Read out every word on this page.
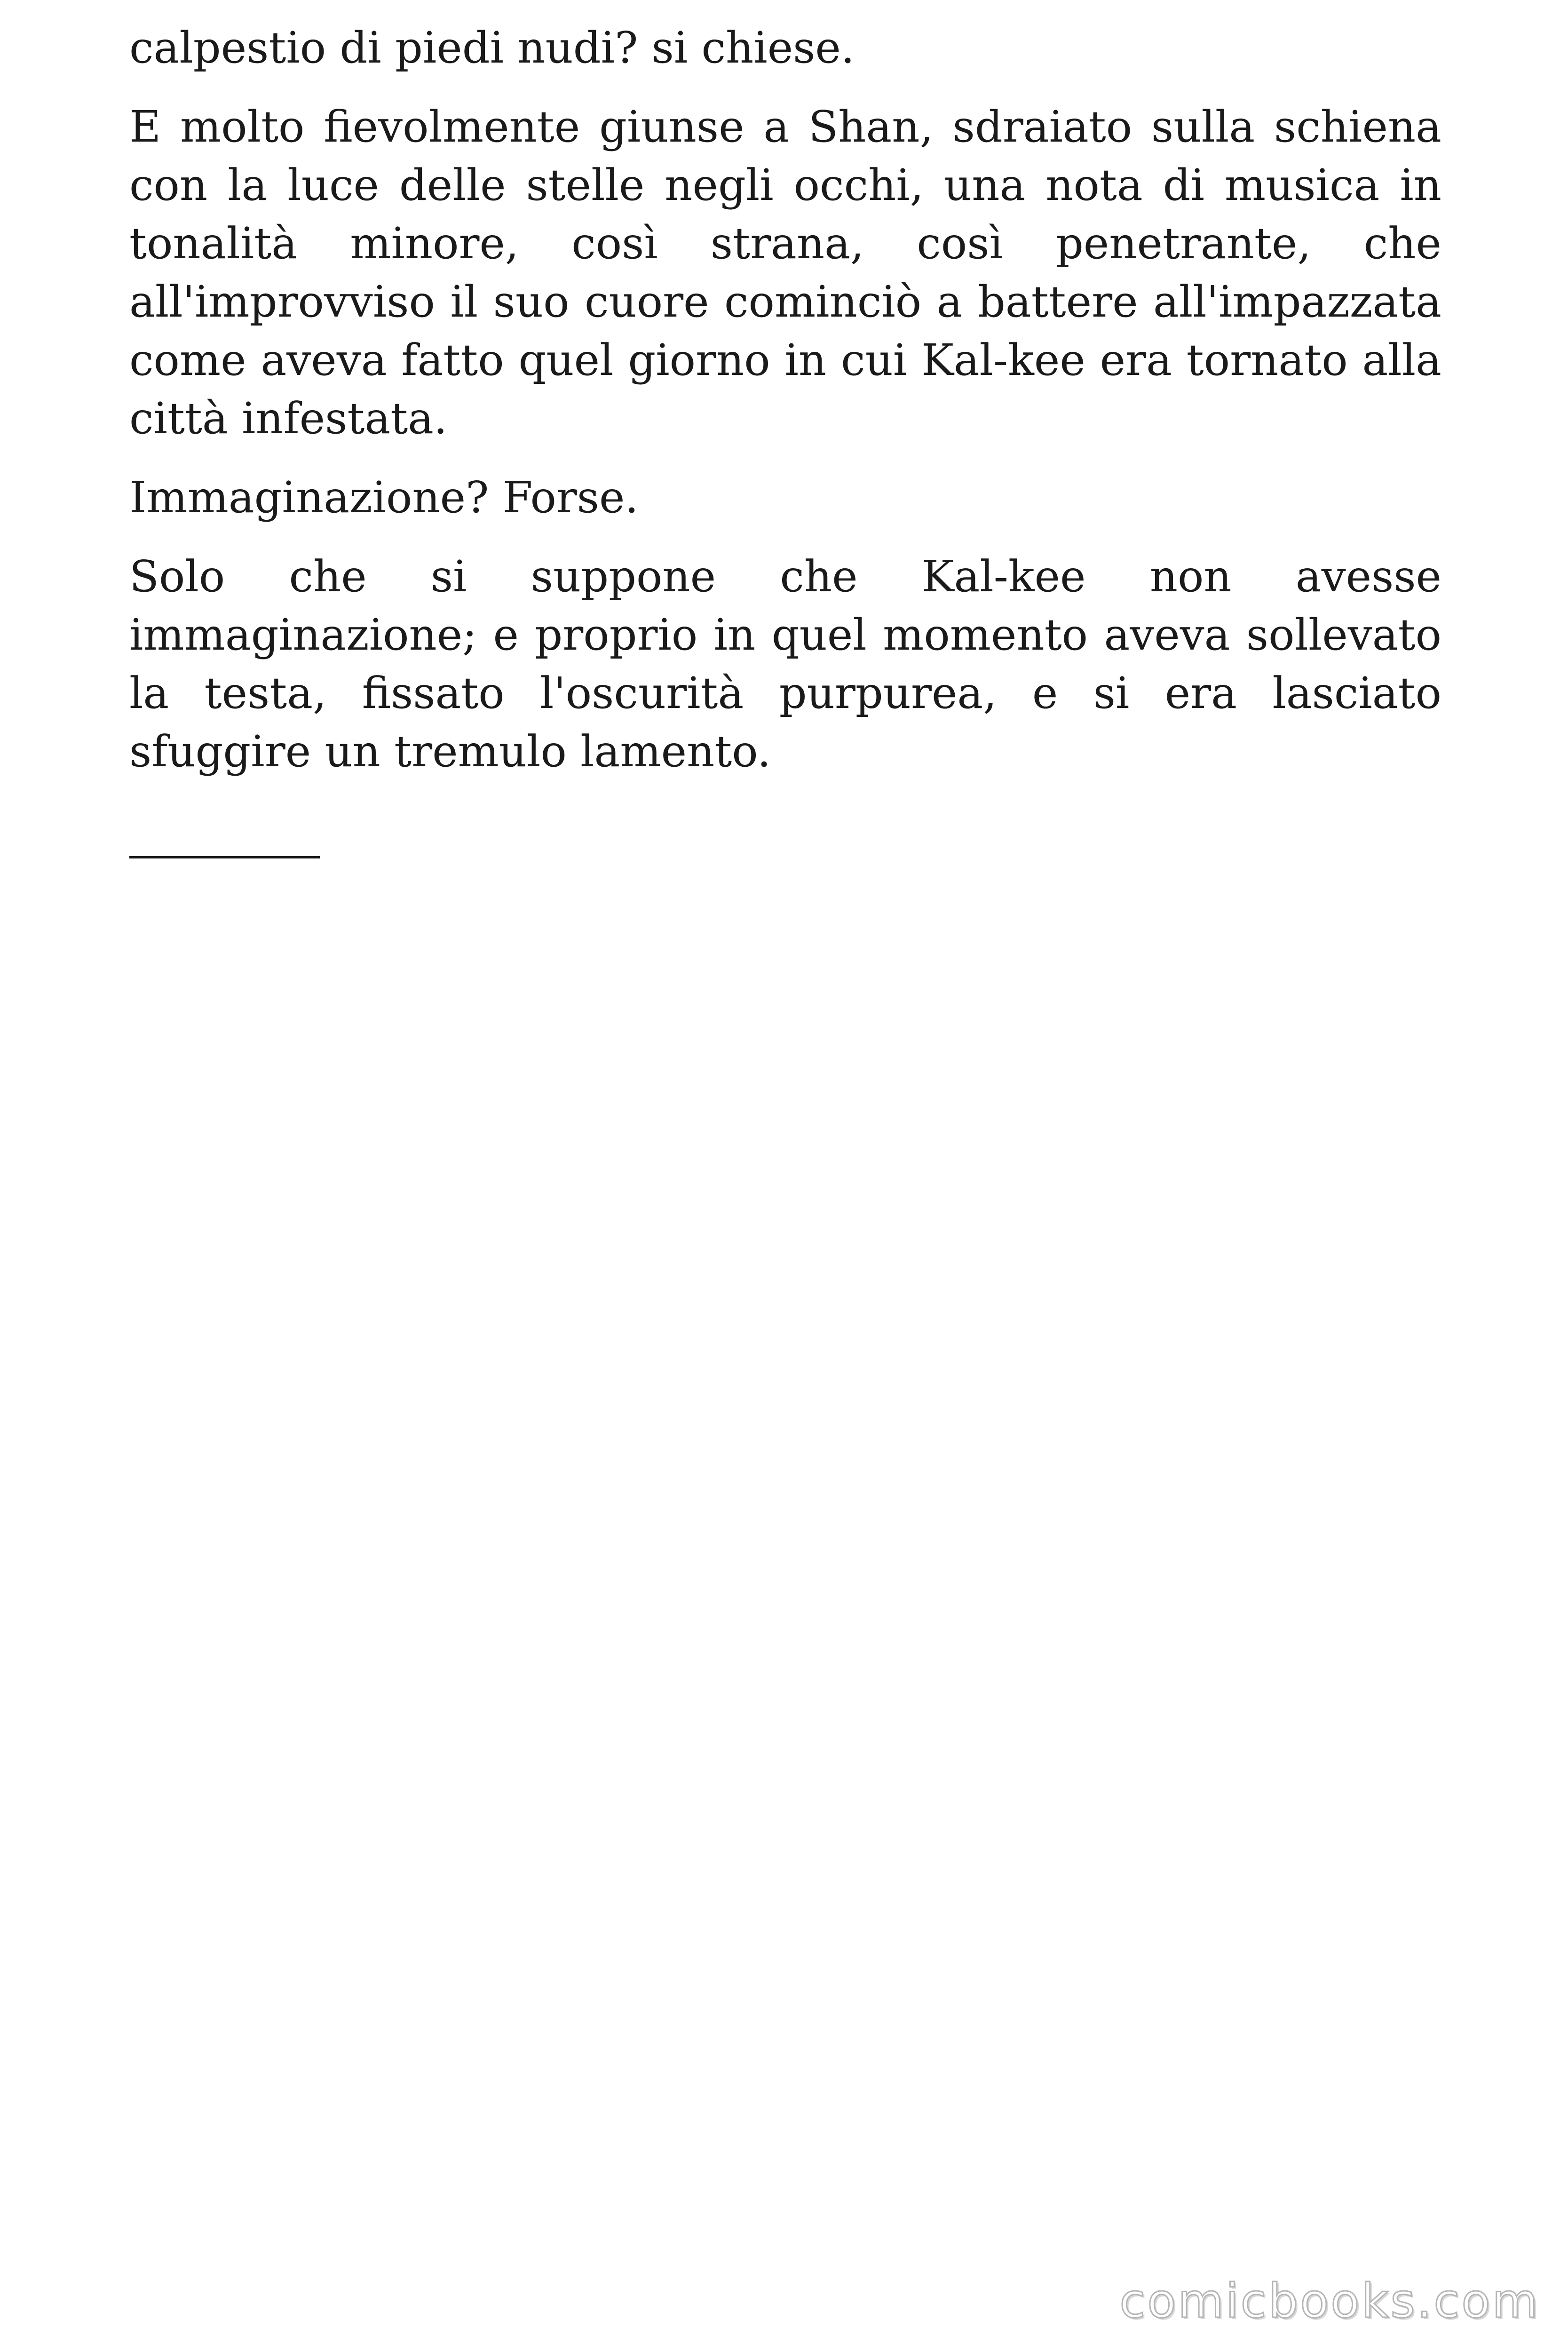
calpestio di piedi nudi? si chiese.

E molto fievolmente giunse a Shan, sdraiato sulla schiena con la luce delle stelle negli occhi, una nota di musica in tonalità minore, così strana, così penetrante, che all'improvviso il suo cuore cominciò a battere all'impazzata come aveva fatto quel giorno in cui Kal-kee era tornato alla città infestata.

Immaginazione? Forse.

Solo che si suppone che Kal-kee non avesse immaginazione; e proprio in quel momento aveva sollevato la testa, fissato l'oscurità purpurea, e si era lasciato sfuggire un tremulo lamento.

comicbooks.com
